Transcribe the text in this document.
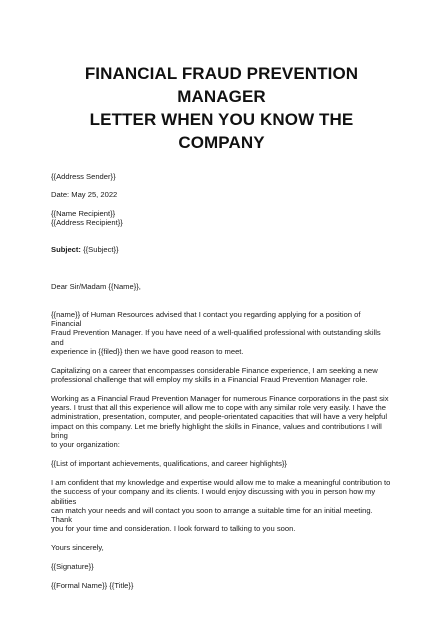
FINANCIAL FRAUD PREVENTION MANAGER
LETTER WHEN YOU KNOW THE COMPANY
{{Address Sender}}
Date: May 25, 2022
{{Name Recipient}}
{{Address Recipient}}
Subject: {{Subject}}
Dear Sir/Madam {{Name}},
{{name}} of Human Resources advised that I contact you regarding applying for a position of Financial
Fraud Prevention Manager. If you have need of a well-qualified professional with outstanding skills and
experience in {{filed}} then we have good reason to meet.
Capitalizing on a career that encompasses considerable Finance experience, I am seeking a new
professional challenge that will employ my skills in a Financial Fraud Prevention Manager role.
Working as a Financial Fraud Prevention Manager for numerous Finance corporations in the past six
years. I trust that all this experience will allow me to cope with any similar role very easily. I have the
administration, presentation, computer, and people-orientated capacities that will have a very helpful
impact on this company. Let me briefly highlight the skills in Finance, values and contributions I will bring
to your organization:
{{List of important achievements, qualifications, and career highlights}}
I am confident that my knowledge and expertise would allow me to make a meaningful contribution to
the success of your company and its clients. I would enjoy discussing with you in person how my abilities
can match your needs and will contact you soon to arrange a suitable time for an initial meeting. Thank
you for your time and consideration. I look forward to talking to you soon.
Yours sincerely,
{{Signature}}
{{Formal Name}} {{Title}}
